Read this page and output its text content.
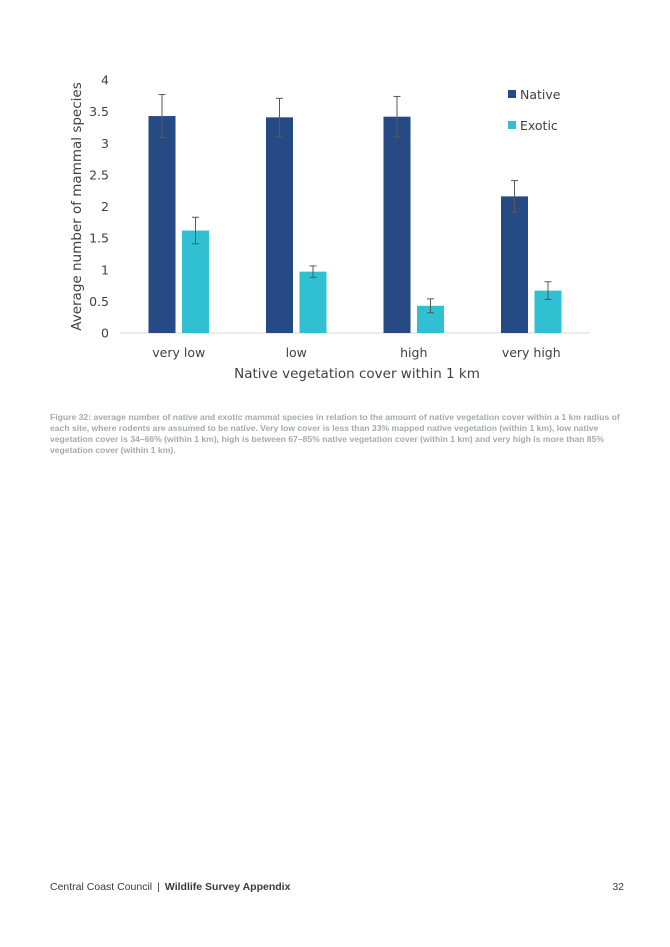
0
0.5
1
1.5
2
2.5
3
3.5
4
very low	low	high	very high
Native vegetation cover within 1 km
Average number of mammal species	Native
Exotic
Figure 32: average number of native and exotic mammal species in relation to the amount of native vegetation cover within a 1 km radius of each site, where rodents are assumed to be native. Very low cover is less than 33% mapped native vegetation (within 1 km), low native vegetation cover is 34–66% (within 1 km), high is between 67–85% native vegetation cover (within 1 km) and very high is more than 85% vegetation cover (within 1 km).
Central Coast Council | Wildlife Survey Appendix	32
